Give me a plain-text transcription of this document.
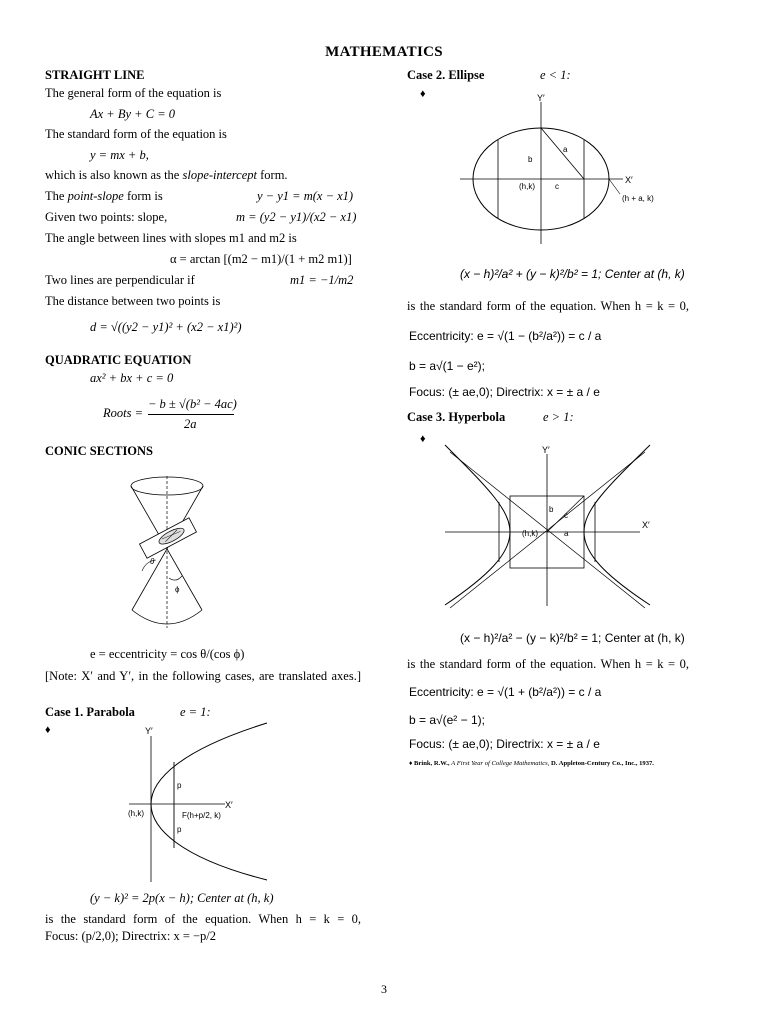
MATHEMATICS
STRAIGHT LINE
The general form of the equation is
Ax + By + C = 0
The standard form of the equation is
y = mx + b,
which is also known as the slope-intercept form.
The point-slope form is	y − y1 = m(x − x1)
Given two points: slope,	m = (y2 − y1)/(x2 − x1)
The angle between lines with slopes m1 and m2 is
α = arctan [(m2 − m1)/(1 + m2 m1)]
Two lines are perpendicular if	m1 = −1/m2
The distance between two points is
d = √((y2 − y1)² + (x2 − x1)²)
QUADRATIC EQUATION
ax² + bx + c = 0
Roots =
− b ± √(b² − 4ac)
2a
CONIC SECTIONS
θ
ϕ
e = eccentricity = cos θ/(cos ϕ)
[Note: X′ and Y′, in the following cases, are translated axes.]
Case 1. Parabola	e = 1:
♦	Y′
X′
(h,k)
p
p
F(h+p/2, k)
(y − k)² = 2p(x − h); Center at (h, k)
is the standard form of the equation. When h = k = 0,
Focus: (p/2,0); Directrix: x = −p/2
Case 2. Ellipse	e < 1:
♦	Y′
X′
(h,k)
a
b
c
(h + a, k)
(x − h)²/a² + (y − k)²/b² = 1; Center at (h, k)
is the standard form of the equation. When h = k = 0,
Eccentricity: e = √(1 − (b²/a²)) = c / a
b = a√(1 − e²);
Focus: (± ae,0); Directrix: x = ± a / e
Case 3. Hyperbola	e > 1:
♦
Y′
X′
(h,k)
b
c
a
(x − h)²/a² − (y − k)²/b² = 1; Center at (h, k)
is the standard form of the equation. When h = k = 0,
Eccentricity: e = √(1 + (b²/a²)) = c / a
b = a√(e² − 1);
Focus: (± ae,0); Directrix: x = ± a / e
♦ Brink, R.W., A First Year of College Mathematics, D. Appleton-Century Co., Inc., 1937.
3
